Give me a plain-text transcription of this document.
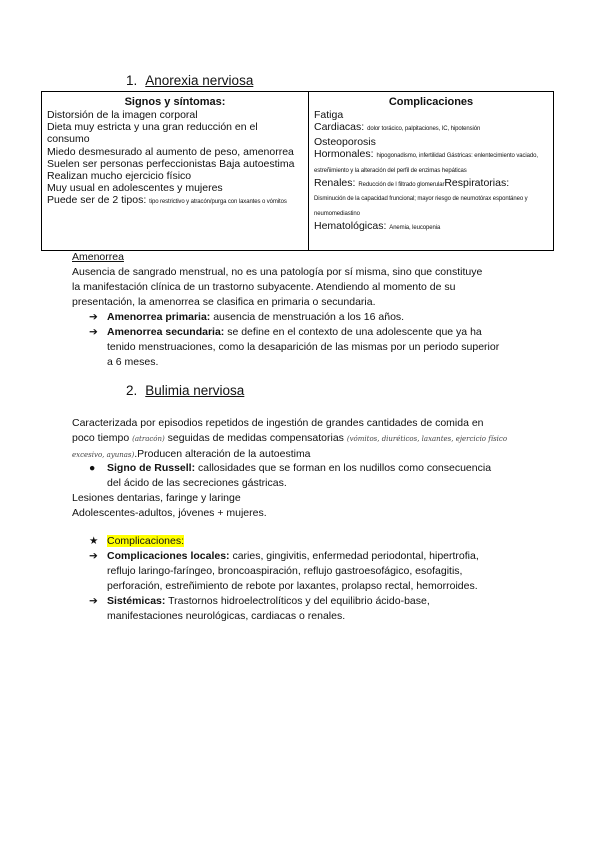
1. Anorexia nerviosa
Signos y síntomas:
Distorsión de la imagen corporal
Dieta muy estricta y una gran reducción en el consumo
Miedo desmesurado al aumento de peso, amenorrea
Suelen ser personas perfeccionistas Baja autoestima
Realizan mucho ejercicio físico
Muy usual en adolescentes y mujeres
Puede ser de 2 tipos: tipo restrictivo y atracón/purga con laxantes o vómitos

Complicaciones
Fatiga
Cardiacas: dolor torácico, palpitaciones, IC, hipotensión
Osteoporosis
Hormonales: hipogonadismo, infertilidad Gástricas: enlentecimiento vaciado, estreñimiento y la alteración del perfil de enzimas hepáticas
Renales: Reducción de l filtrado glomerularRespiratorias:
Disminución de la capacidad fruncional; mayor riesgo de neumotórax espontáneo y neumomediastino
Hematológicas: Anemia, leucopenia
Amenorrea
Ausencia de sangrado menstrual, no es una patología por sí misma, sino que constituye
la manifestación clínica de un trastorno subyacente. Atendiendo al momento de su
presentación, la amenorrea se clasifica en primaria o secundaria.
➔ Amenorrea primaria: ausencia de menstruación a los 16 años.
➔ Amenorrea secundaria: se define en el contexto de una adolescente que ya ha
tenido menstruaciones, como la desaparición de las mismas por un periodo superior
a 6 meses.
2. Bulimia nerviosa
Caracterizada por episodios repetidos de ingestión de grandes cantidades de comida en
poco tiempo (atracón) seguidas de medidas compensatorias (vómitos, diuréticos, laxantes, ejercicio físico
excesivo, ayunas).Producen alteración de la autoestima
● Signo de Russell: callosidades que se forman en los nudillos como consecuencia
del ácido de las secreciones gástricas.
Lesiones dentarias, faringe y laringe
Adolescentes-adultos, jóvenes + mujeres.
★ Complicaciones:
➔ Complicaciones locales: caries, gingivitis, enfermedad periodontal, hipertrofia,
reflujo laringo-faríngeo, broncoaspiración, reflujo gastroesofágico, esofagitis,
perforación, estreñimiento de rebote por laxantes, prolapso rectal, hemorroides.
➔ Sistémicas: Trastornos hidroelectrolíticos y del equilibrio ácido-base,
manifestaciones neurológicas, cardiacas o renales.
